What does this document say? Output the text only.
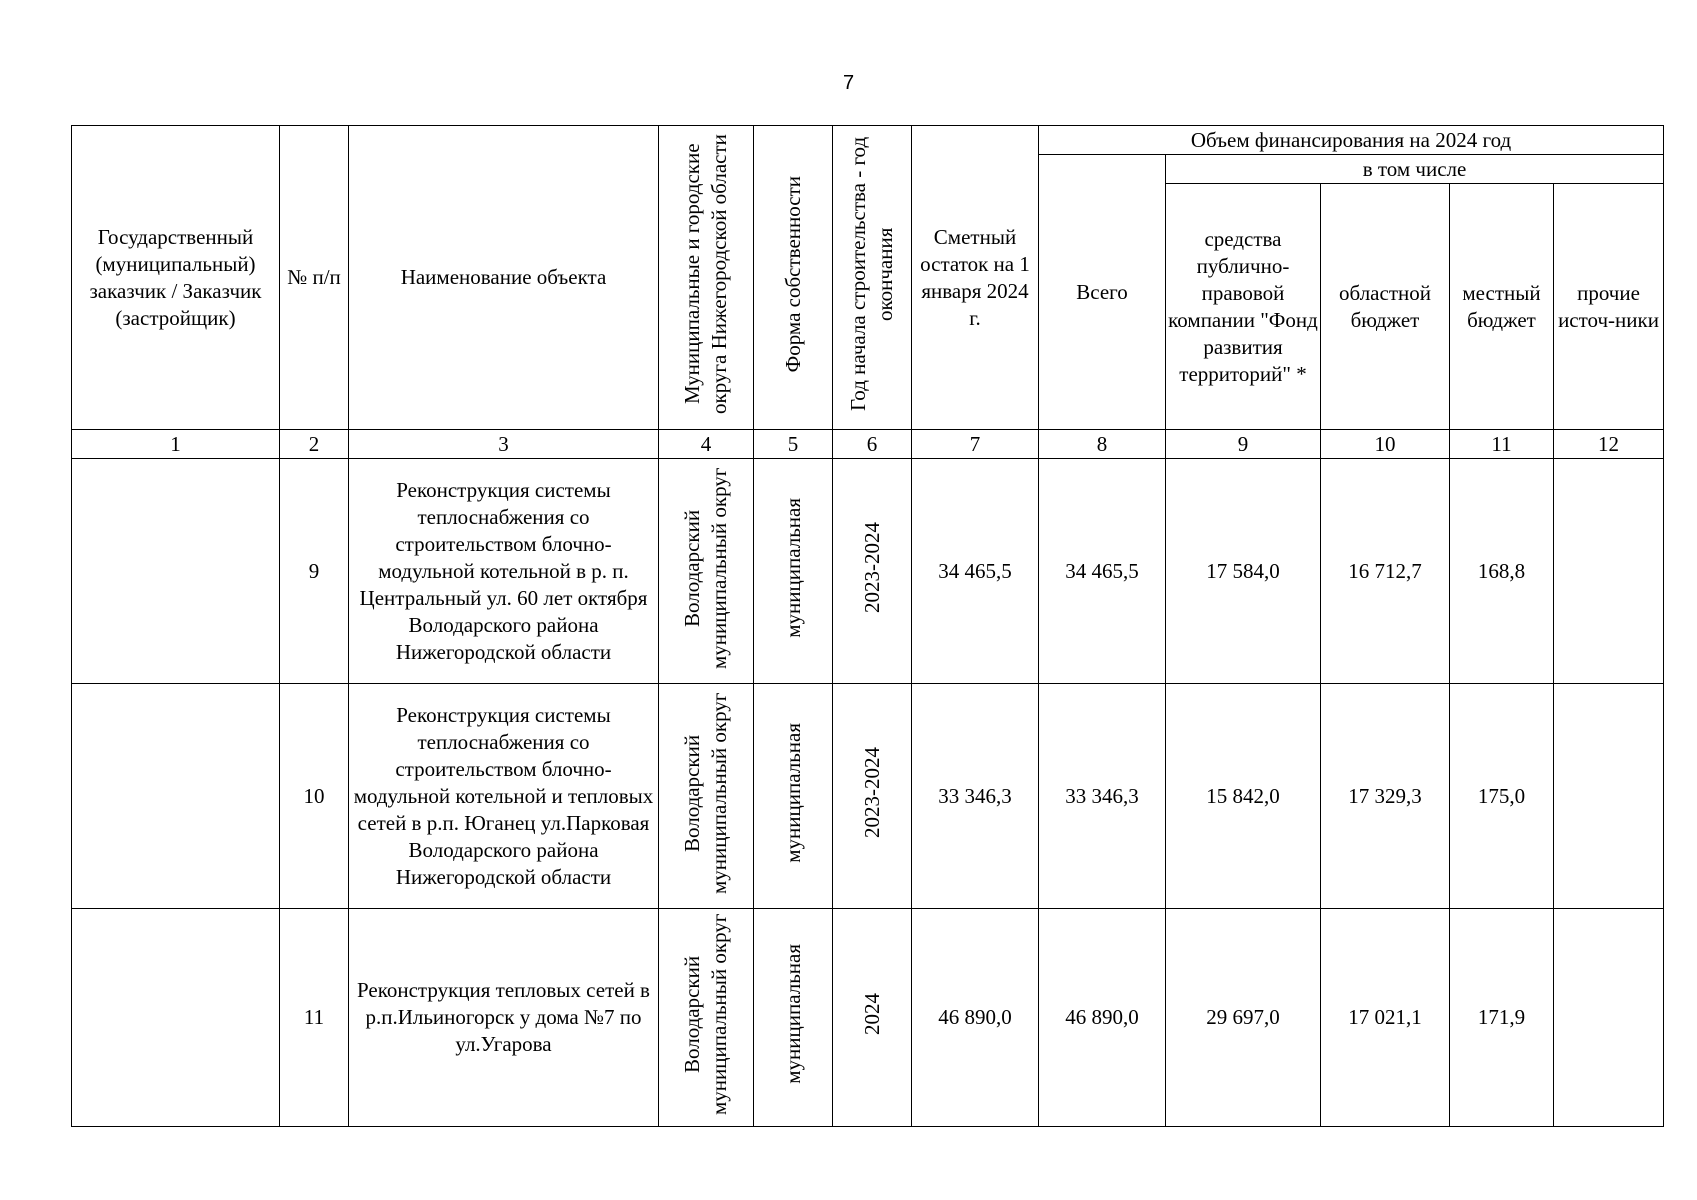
7
Государственный (муниципальный) заказчик / Заказчик (застройщик)	№ п/п	Наименование объекта	Муниципальные и городские округа Нижегородской области	Форма собственности	Год начала строительства - год окончания	Сметный остаток на 1 января 2024 г.	Объем финансирования на 2024 год				
							Всего	в том числе			
								средства публично-правовой компании "Фонд развития территорий" *	областной бюджет	местный бюджет	прочие источ-ники
1	2	3	4	5	6	7	8	9	10	11	12
	9	Реконструкция системы теплоснабжения со строительством блочно-модульной котельной в р. п. Центральный ул. 60 лет октября Володарского района Нижегородской области	Володарский муниципальный округ	муниципальная	2023-2024	34 465,5	34 465,5	17 584,0	16 712,7	168,8	
	10	Реконструкция системы теплоснабжения со строительством блочно-модульной котельной и тепловых сетей в р.п. Юганец ул.Парковая Володарского района Нижегородской области	Володарский муниципальный округ	муниципальная	2023-2024	33 346,3	33 346,3	15 842,0	17 329,3	175,0	
	11	Реконструкция тепловых сетей в р.п.Ильиногорск у дома №7 по ул.Угарова	Володарский муниципальный округ	муниципальная	2024	46 890,0	46 890,0	29 697,0	17 021,1	171,9	
